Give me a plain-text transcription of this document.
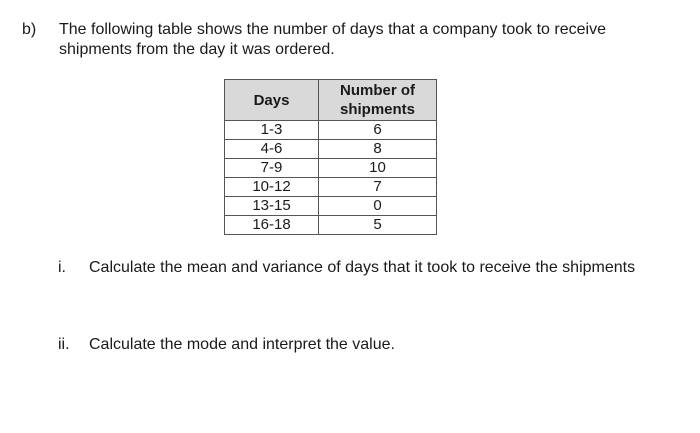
b) The following table shows the number of days that a company took to receive shipments from the day it was ordered.
Days	Number of shipments
1-3	6
4-6	8
7-9	10
10-12	7
13-15	0
16-18	5
i. Calculate the mean and variance of days that it took to receive the shipments
ii. Calculate the mode and interpret the value.
